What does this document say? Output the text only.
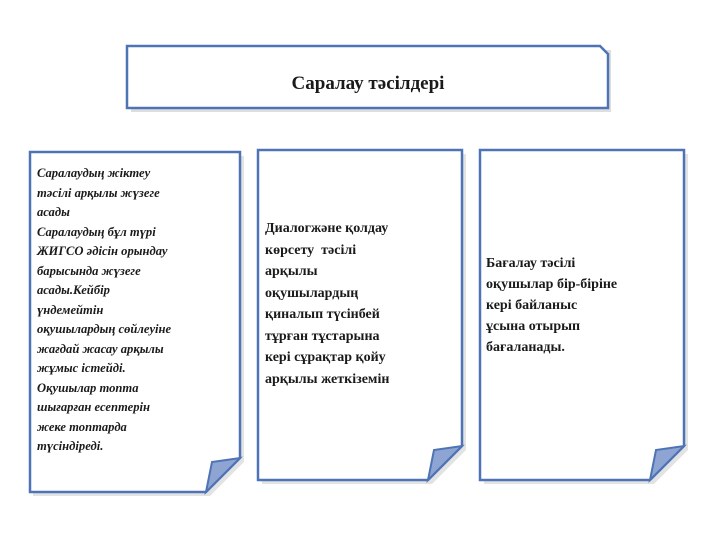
Саралау тәсілдері

Саралаудың жіктеу
тәсілі арқылы жүзеге
асады
Саралаудың бұл түрі
ЖИГСО әдісін орындау
барысында жүзеге
асады.Кейбір
үндемейтін
оқушылардың сөйлеуіне
жағдай жасау арқылы
жұмыс істейді.
Оқушылар топта
шығарған есептерін
жеке топтарда
түсіндіреді.

Диалогжәне қолдау
көрсету  тәсілі
арқылы
оқушылардың
қиналып түсінбей
тұрған тұстарына
кері сұрақтар қойу
арқылы жеткіземін

Бағалау тәсілі
оқушылар бір-біріне
кері байланыс
ұсына отырып
бағаланады.
